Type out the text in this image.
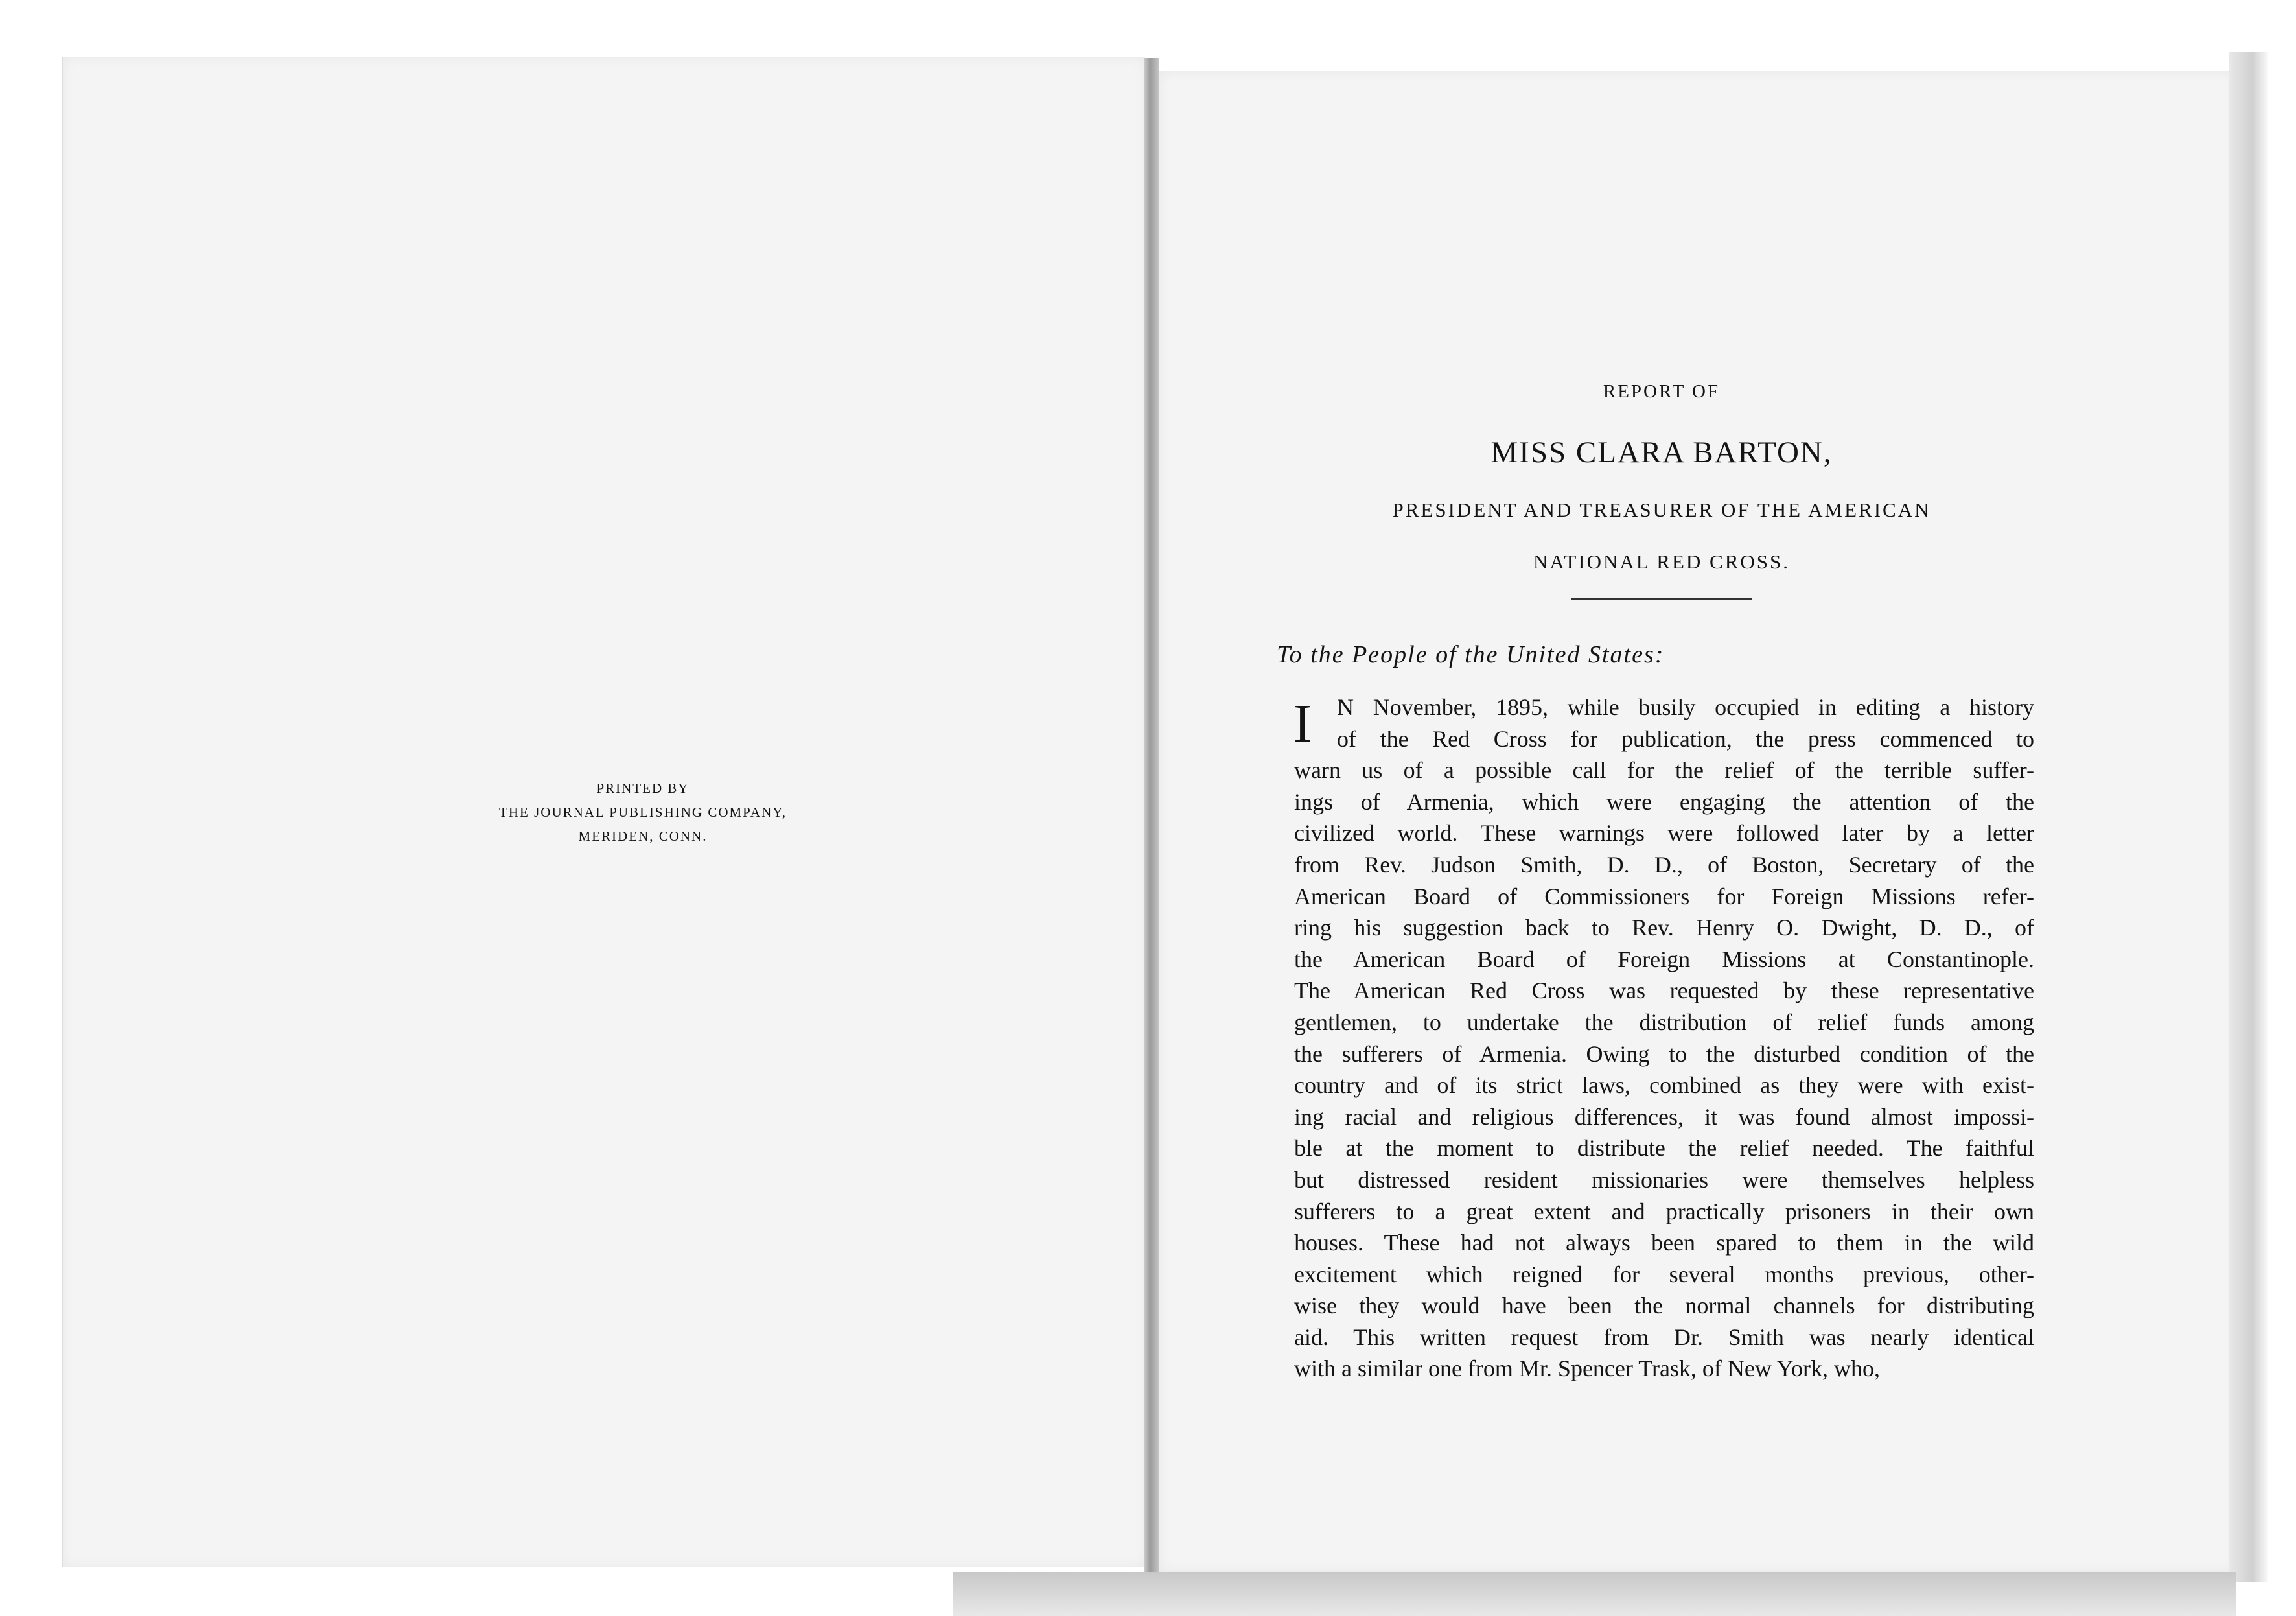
PRINTED BY
THE JOURNAL PUBLISHING COMPANY,
MERIDEN, CONN.
REPORT OF
MISS CLARA BARTON,
PRESIDENT AND TREASURER OF THE AMERICAN
NATIONAL RED CROSS.
To the People of the United States:
I N November, 1895, while busily occupied in editing a history
of the Red Cross for publication, the press commenced to
warn us of a possible call for the relief of the terrible suffer-
ings of Armenia, which were engaging the attention of the
civilized world. These warnings were followed later by a letter
from Rev. Judson Smith, D. D., of Boston, Secretary of the
American Board of Commissioners for Foreign Missions refer-
ring his suggestion back to Rev. Henry O. Dwight, D. D., of
the American Board of Foreign Missions at Constantinople.
The American Red Cross was requested by these representative
gentlemen, to undertake the distribution of relief funds among
the sufferers of Armenia. Owing to the disturbed condition of the
country and of its strict laws, combined as they were with exist-
ing racial and religious differences, it was found almost impossi-
ble at the moment to distribute the relief needed. The faithful
but distressed resident missionaries were themselves helpless
sufferers to a great extent and practically prisoners in their own
houses. These had not always been spared to them in the wild
excitement which reigned for several months previous, other-
wise they would have been the normal channels for distributing
aid. This written request from Dr. Smith was nearly identical
with a similar one from Mr. Spencer Trask, of New York, who,
